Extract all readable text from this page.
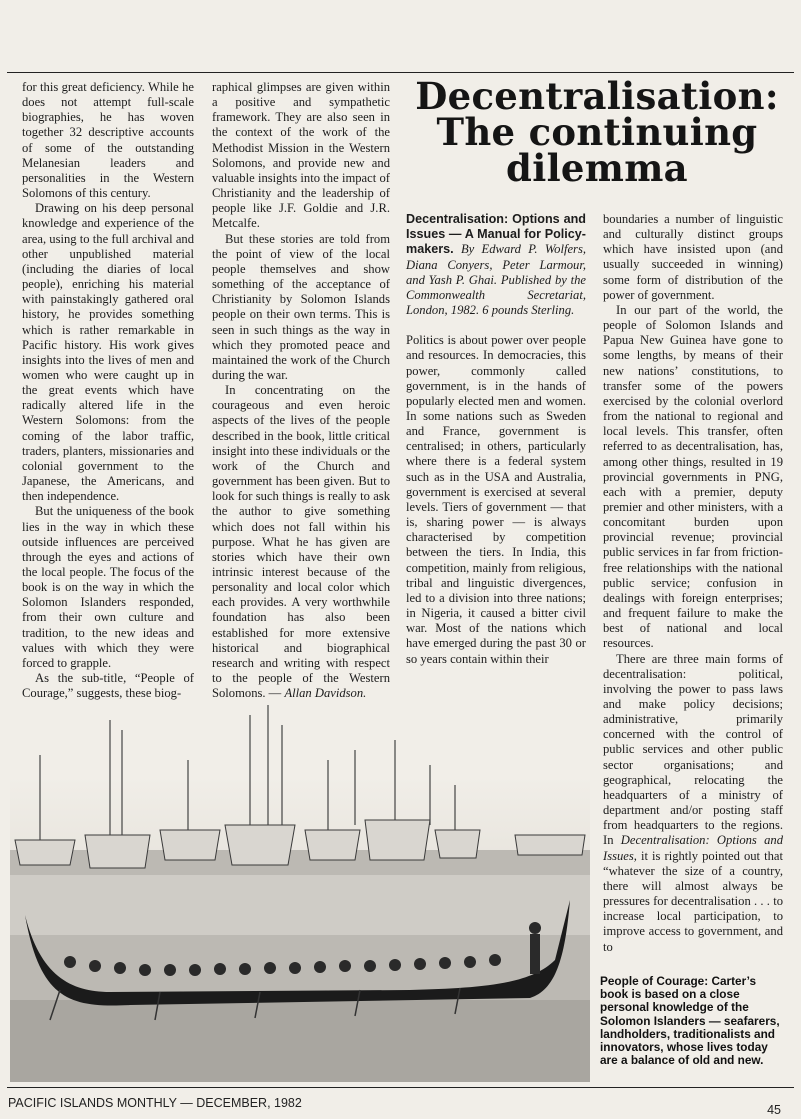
for this great deficiency. While he does not attempt full-scale biographies, he has woven together 32 descriptive accounts of some of the outstanding Melanesian leaders and personalities in the Western Solomons of this century.

Drawing on his deep personal knowledge and experience of the area, using to the full archival and other unpublished material (including the diaries of local people), enriching his material with painstakingly gathered oral history, he provides something which is rather remarkable in Pacific history. His work gives insights into the lives of men and women who were caught up in the great events which have radically altered life in the Western Solomons: from the coming of the labor traffic, traders, planters, missionaries and colonial government to the Japanese, the Americans, and then independence.

But the uniqueness of the book lies in the way in which these outside influences are perceived through the eyes and actions of the local people. The focus of the book is on the way in which the Solomon Islanders responded, from their own culture and tradition, to the new ideas and values with which they were forced to grapple.

As the sub-title, “People of Courage,” suggests, these biog-

raphical glimpses are given within a positive and sympathetic framework. They are also seen in the context of the work of the Methodist Mission in the Western Solomons, and provide new and valuable insights into the impact of Christianity and the leadership of people like J.F. Goldie and J.R. Metcalfe.

But these stories are told from the point of view of the local people themselves and show something of the acceptance of Christianity by Solomon Islands people on their own terms. This is seen in such things as the way in which they promoted peace and maintained the work of the Church during the war.

In concentrating on the courageous and even heroic aspects of the lives of the people described in the book, little critical insight into these individuals or the work of the Church and government has been given. But to look for such things is really to ask the author to give something which does not fall within his purpose. What he has given are stories which have their own intrinsic interest because of the personality and local color which each provides. A very worthwhile foundation has also been established for more extensive historical and biographical research and writing with respect to the people of the Western Solomons. — Allan Davidson.

Decentralisation:
The continuing
dilemma

Decentralisation: Options and Issues — A Manual for Policy-makers. By Edward P. Wolfers, Diana Conyers, Peter Larmour, and Yash P. Ghai. Published by the Commonwealth Secretariat, London, 1982. 6 pounds Sterling.

Politics is about power over people and resources. In democracies, this power, commonly called government, is in the hands of popularly elected men and women. In some nations such as Sweden and France, government is centralised; in others, particularly where there is a federal system such as in the USA and Australia, government is exercised at several levels. Tiers of government — that is, sharing power — is always characterised by competition between the tiers. In India, this competition, mainly from religious, tribal and linguistic divergences, led to a division into three nations; in Nigeria, it caused a bitter civil war. Most of the nations which have emerged during the past 30 or so years contain within their

boundaries a number of linguistic and culturally distinct groups which have insisted upon (and usually succeeded in winning) some form of distribution of the power of government.

In our part of the world, the people of Solomon Islands and Papua New Guinea have gone to some lengths, by means of their new nations’ constitutions, to transfer some of the powers exercised by the colonial overlord from the national to regional and local levels. This transfer, often referred to as decentralisation, has, among other things, resulted in 19 provincial governments in PNG, each with a premier, deputy premier and other ministers, with a concomitant burden upon provincial revenue; provincial public services in far from friction-free relationships with the national public service; confusion in dealings with foreign enterprises; and frequent failure to make the best of national and local resources.

There are three main forms of decentralisation: political, involving the power to pass laws and make policy decisions; administrative, primarily concerned with the control of public services and other public sector organisations; and geographical, relocating the headquarters of a ministry of department and/or posting staff from headquarters to the regions. In Decentralisation: Options and Issues, it is rightly pointed out that “whatever the size of a country, there will almost always be pressures for decentralisation . . . to increase local participation, to improve access to government, and to

People of Courage: Carter’s book is based on a close personal knowledge of the Solomon Islanders — seafarers, landholders, traditionalists and innovators, whose lives today are a balance of old and new.
PACIFIC ISLANDS MONTHLY — DECEMBER, 1982	45
